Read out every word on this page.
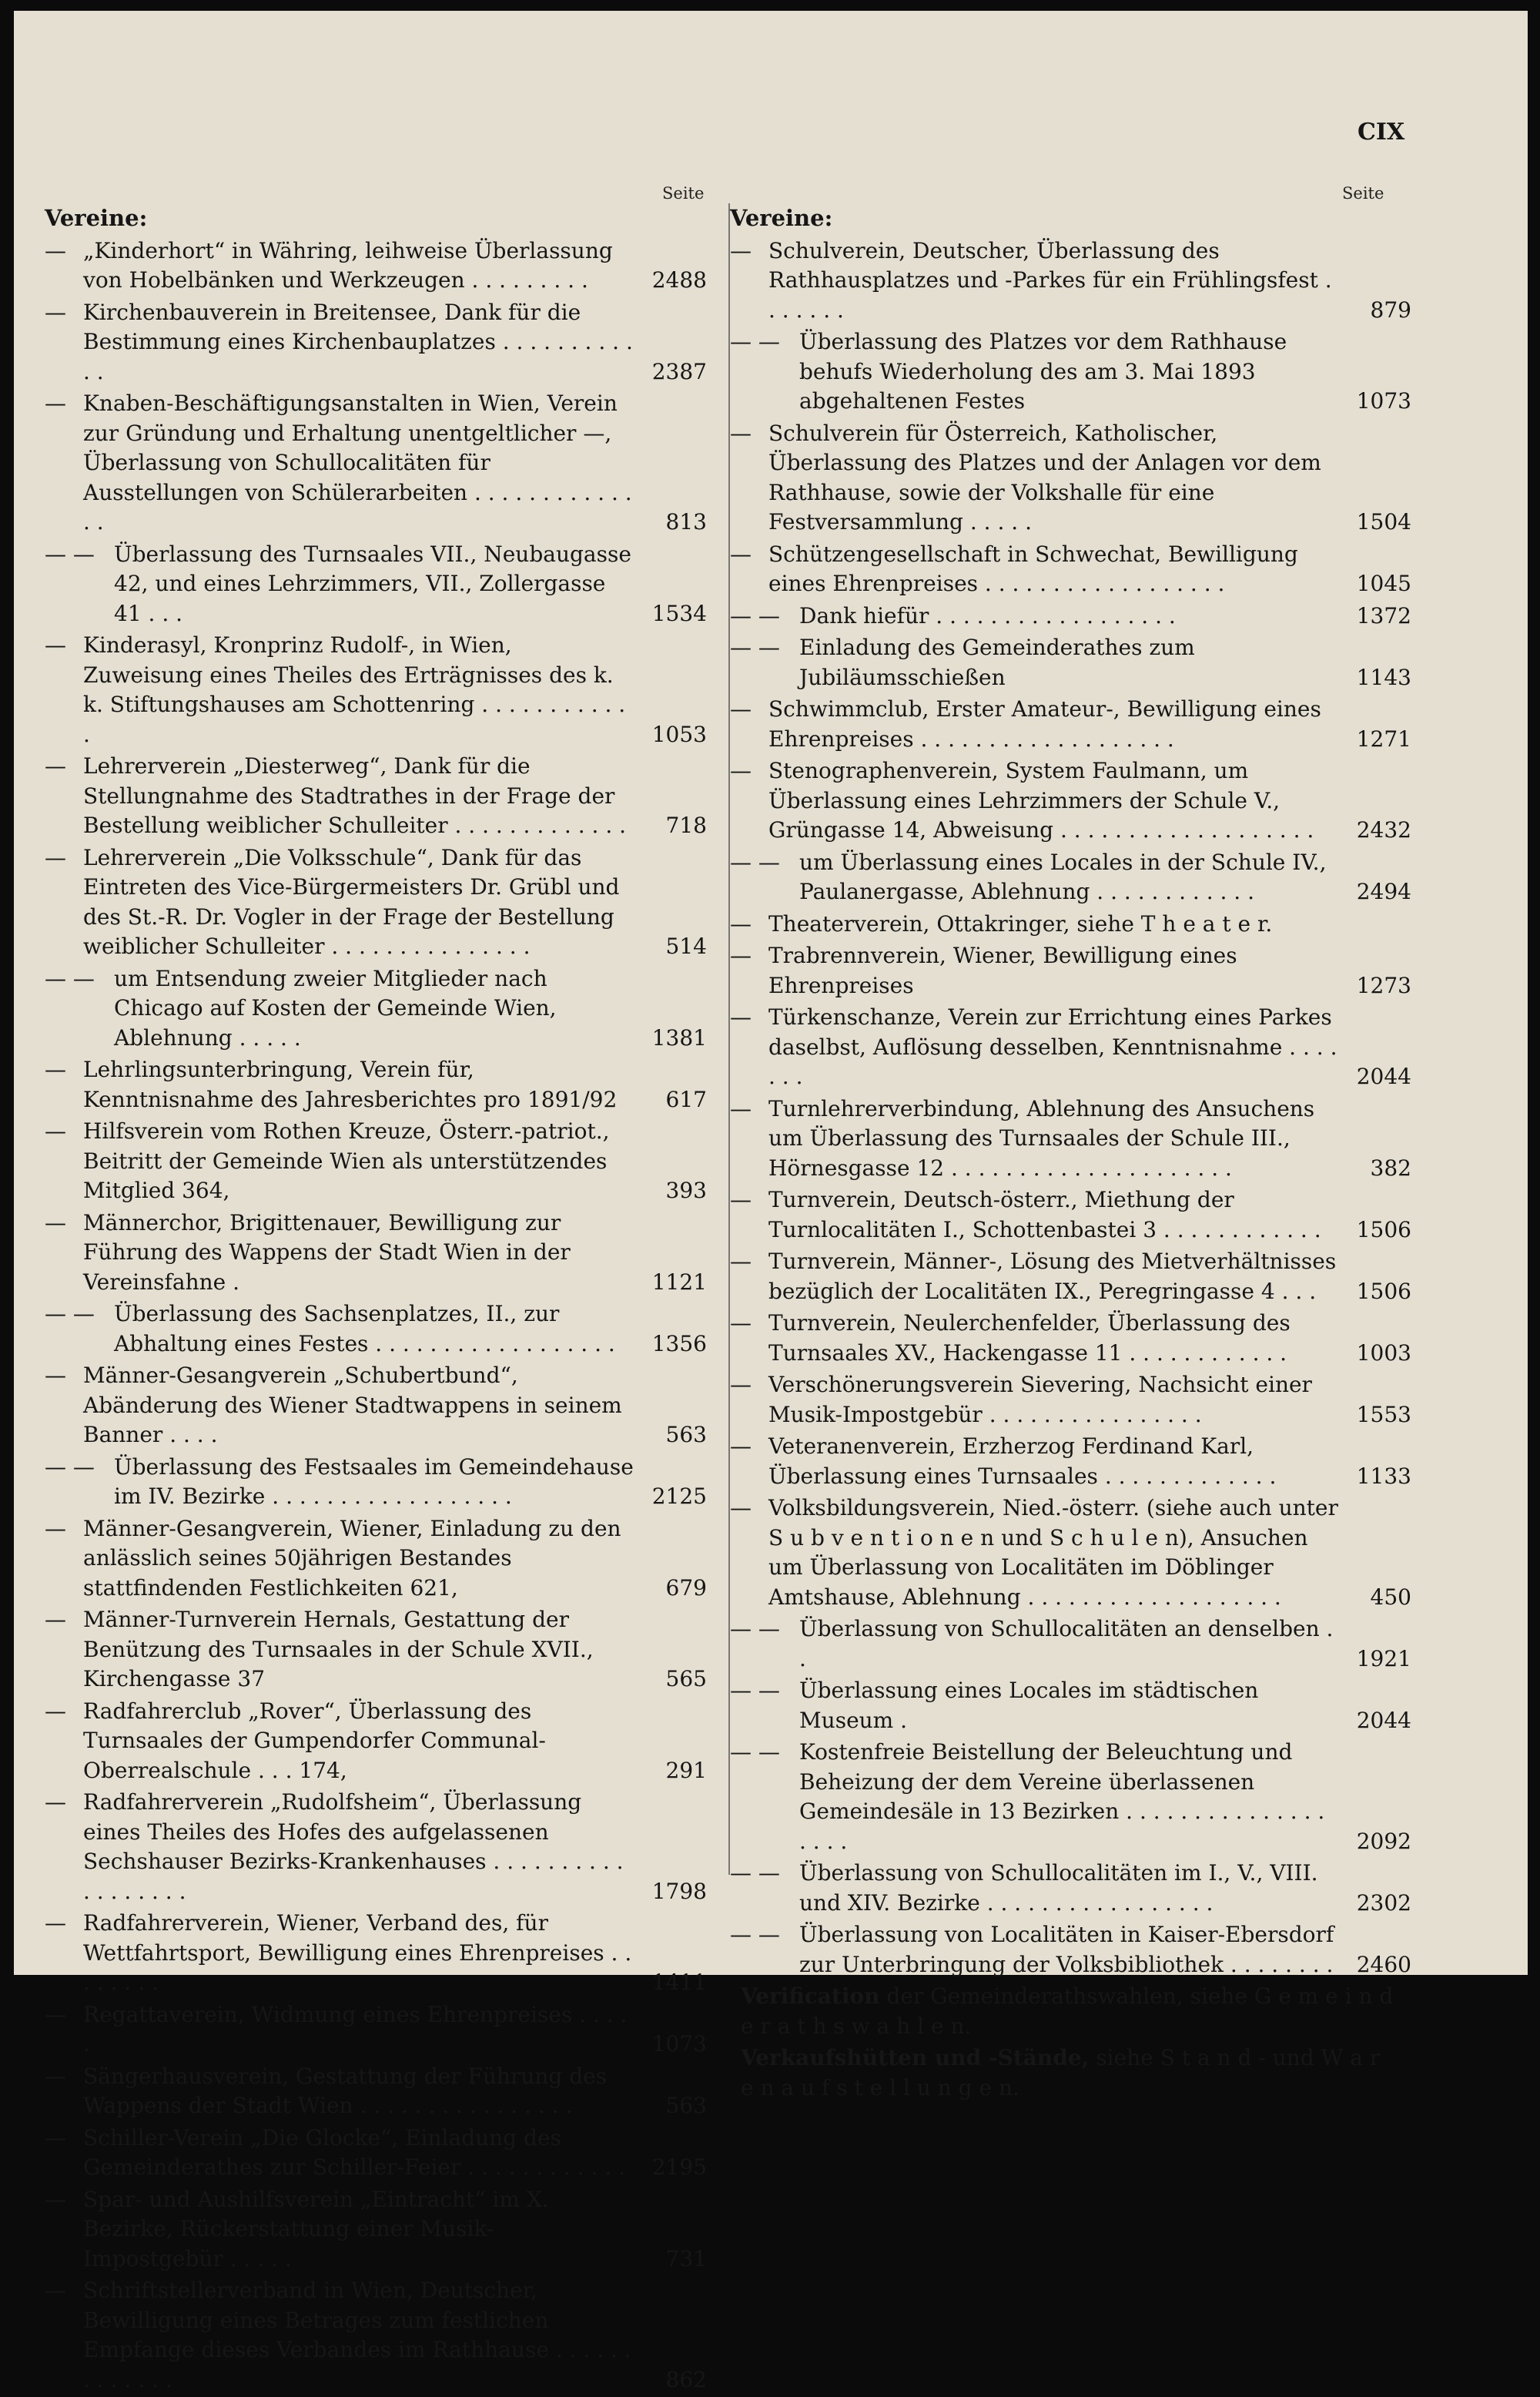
CIX
Seite	Seite
Vereine:
— „Kinderhort“ in Währing, leihweise Überlassung von Hobelbänken und Werkzeugen . . . . . . . . .	2488
— Kirchenbauverein in Breitensee, Dank für die Bestimmung eines Kirchenbauplatzes . . . . . . . . . . . .	2387
— Knaben-Beschäftigungsanstalten in Wien, Verein zur Gründung und Erhaltung unentgeltlicher —, Überlassung von Schullocalitäten für Ausstellungen von Schülerarbeiten . . . . . . . . . . . . . .	813
— — Überlassung des Turnsaales VII., Neubaugasse 42, und eines Lehrzimmers, VII., Zollergasse 41 . . .	1534
— Kinderasyl, Kronprinz Rudolf-, in Wien, Zuweisung eines Theiles des Erträgnisses des k. k. Stiftungshauses am Schottenring . . . . . . . . . . . .	1053
— Lehrerverein „Diesterweg“, Dank für die Stellungnahme des Stadtrathes in der Frage der Bestellung weiblicher Schulleiter . . . . . . . . . . . . .	718
— Lehrerverein „Die Volksschule“, Dank für das Eintreten des Vice-Bürgermeisters Dr. Grübl und des St.-R. Dr. Vogler in der Frage der Bestellung weiblicher Schulleiter . . . . . . . . . . . . . . .	514
— — um Entsendung zweier Mitglieder nach Chicago auf Kosten der Gemeinde Wien, Ablehnung . . . . .	1381
— Lehrlingsunterbringung, Verein für, Kenntnisnahme des Jahresberichtes pro 1891/92	617
— Hilfsverein vom Rothen Kreuze, Österr.-patriot., Beitritt der Gemeinde Wien als unterstützendes Mitglied 364,	393
— Männerchor, Brigittenauer, Bewilligung zur Führung des Wappens der Stadt Wien in der Vereinsfahne .	1121
— — Überlassung des Sachsenplatzes, II., zur Abhaltung eines Festes . . . . . . . . . . . . . . . . . .	1356
— Männer-Gesangverein „Schubertbund“, Abänderung des Wiener Stadtwappens in seinem Banner . . . .	563
— — Überlassung des Festsaales im Gemeindehause im IV. Bezirke . . . . . . . . . . . . . . . . . .	2125
— Männer-Gesangverein, Wiener, Einladung zu den anlässlich seines 50jährigen Bestandes stattfindenden Festlichkeiten 621,	679
— Männer-Turnverein Hernals, Gestattung der Benützung des Turnsaales in der Schule XVII., Kirchengasse 37	565
— Radfahrerclub „Rover“, Überlassung des Turnsaales der Gumpendorfer Communal-Oberrealschule . . . 174,	291
— Radfahrerverein „Rudolfsheim“, Überlassung eines Theiles des Hofes des aufgelassenen Sechshauser Bezirks-Krankenhauses . . . . . . . . . . . . . . . . . .	1798
— Radfahrerverein, Wiener, Verband des, für Wettfahrtsport, Bewilligung eines Ehrenpreises . . . . . . . .	1411
— Regattaverein, Widmung eines Ehrenpreises . . . . .	1073
— Sängerhausverein, Gestattung der Führung des Wappens der Stadt Wien . . . . . . . . . . . . . . . .	563
— Schiller-Verein „Die Glocke“, Einladung des Gemeinderathes zur Schiller-Feier . . . . . . . . . . . .	2195
— Spar- und Aushilfsverein „Eintracht“ im X. Bezirke, Rückerstattung einer Musik-Impostgebür . . . . .	731
— Schriftstellerverband in Wien, Deutscher, Bewilligung eines Betrages zum festlichen Empfange dieses Verbandes im Rathhause . . . . . . . . . . . . .	862
Vereine:
— Schulverein, Deutscher, Überlassung des Rathhausplatzes und -Parkes für ein Frühlingsfest . . . . . . .	879
— — Überlassung des Platzes vor dem Rathhause behufs Wiederholung des am 3. Mai 1893 abgehaltenen Festes	1073
— Schulverein für Österreich, Katholischer, Überlassung des Platzes und der Anlagen vor dem Rathhause, sowie der Volkshalle für eine Festversammlung . . . . .	1504
— Schützengesellschaft in Schwechat, Bewilligung eines Ehrenpreises . . . . . . . . . . . . . . . . . .	1045
— — Dank hiefür . . . . . . . . . . . . . . . . . .	1372
— — Einladung des Gemeinderathes zum Jubiläumsschießen	1143
— Schwimmclub, Erster Amateur-, Bewilligung eines Ehrenpreises . . . . . . . . . . . . . . . . . . .	1271
— Stenographenverein, System Faulmann, um Überlassung eines Lehrzimmers der Schule V., Grüngasse 14, Abweisung . . . . . . . . . . . . . . . . . . .	2432
— — um Überlassung eines Locales in der Schule IV., Paulanergasse, Ablehnung . . . . . . . . . . . .	2494
— Theaterverein, Ottakringer, siehe T h e a t e r.
— Trabrennverein, Wiener, Bewilligung eines Ehrenpreises	1273
— Türkenschanze, Verein zur Errichtung eines Parkes daselbst, Auflösung desselben, Kenntnisnahme . . . . . . .	2044
— Turnlehrerverbindung, Ablehnung des Ansuchens um Überlassung des Turnsaales der Schule III., Hörnesgasse 12 . . . . . . . . . . . . . . . . . . . . .	382
— Turnverein, Deutsch-österr., Miethung der Turnlocalitäten I., Schottenbastei 3 . . . . . . . . . . . .	1506
— Turnverein, Männer-, Lösung des Mietverhältnisses bezüglich der Localitäten IX., Peregringasse 4 . . .	1506
— Turnverein, Neulerchenfelder, Überlassung des Turnsaales XV., Hackengasse 11 . . . . . . . . . . . .	1003
— Verschönerungsverein Sievering, Nachsicht einer Musik-Impostgebür . . . . . . . . . . . . . . . .	1553
— Veteranenverein, Erzherzog Ferdinand Karl, Überlassung eines Turnsaales . . . . . . . . . . . . .	1133
— Volksbildungsverein, Nied.-österr. (siehe auch unter S u b v e n t i o n e n und S c h u l e n), Ansuchen um Überlassung von Localitäten im Döblinger Amtshause, Ablehnung . . . . . . . . . . . . . . . . . . .	450
— — Überlassung von Schullocalitäten an denselben . .	1921
— — Überlassung eines Locales im städtischen Museum .	2044
— — Kostenfreie Beistellung der Beleuchtung und Beheizung der dem Vereine überlassenen Gemeindesäle in 13 Bezirken . . . . . . . . . . . . . . . . . . .	2092
— — Überlassung von Schullocalitäten im I., V., VIII. und XIV. Bezirke . . . . . . . . . . . . . . . . .	2302
— — Überlassung von Localitäten in Kaiser-Ebersdorf zur Unterbringung der Volksbibliothek . . . . . . . . 2460
Verification der Gemeinderathswahlen, siehe G e m e i n d e r a t h s w a h l e n.
Verkaufshütten und -Stände, siehe S t a n d - und W a r e n a u f s t e l l u n g e n.
